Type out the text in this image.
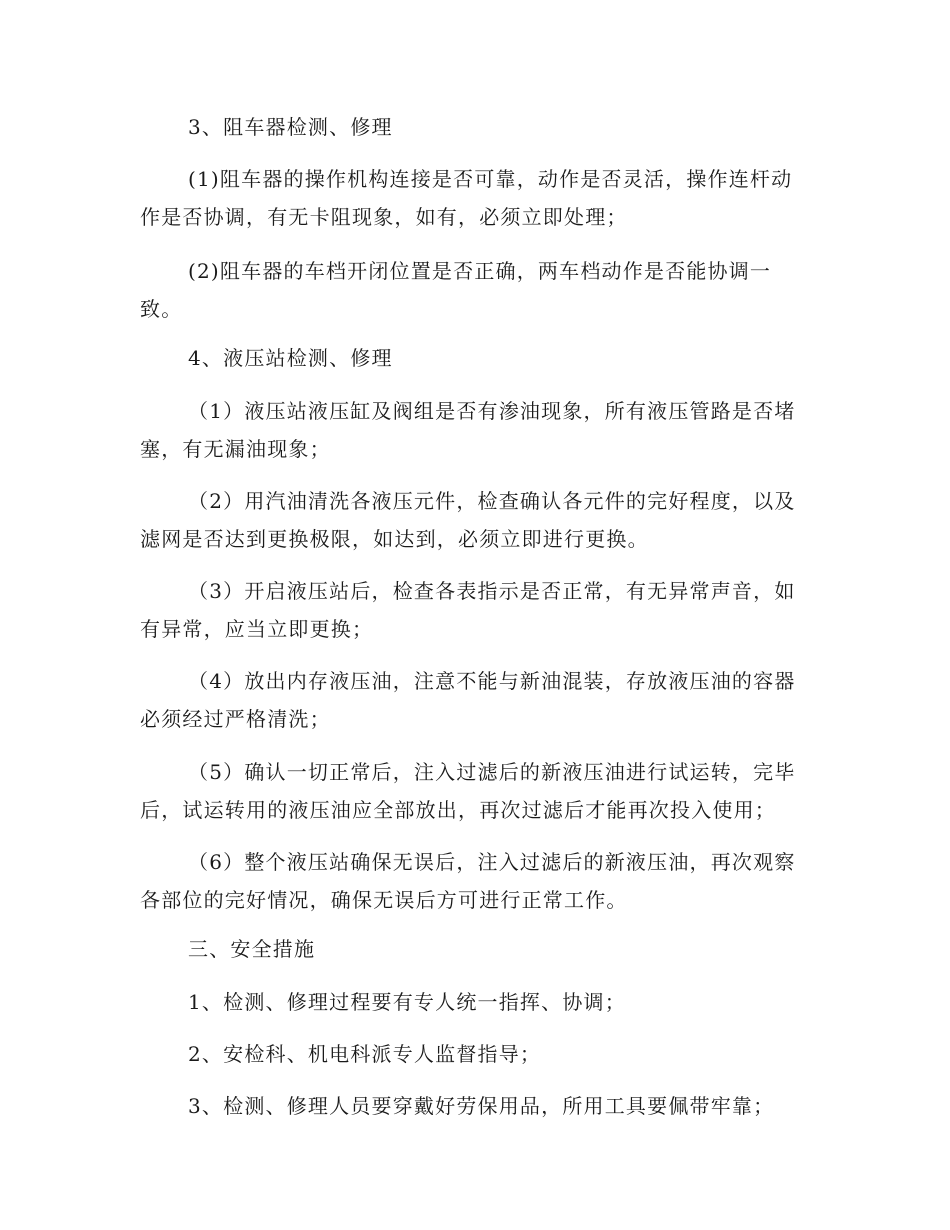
3、阻车器检测、修理

(1)阻车器的操作机构连接是否可靠，动作是否灵活，操作连杆动作是否协调，有无卡阻现象，如有，必须立即处理；

(2)阻车器的车档开闭位置是否正确，两车档动作是否能协调一致。

4、液压站检测、修理

（1）液压站液压缸及阀组是否有渗油现象，所有液压管路是否堵塞，有无漏油现象；

（2）用汽油清洗各液压元件，检查确认各元件的完好程度，以及滤网是否达到更换极限，如达到，必须立即进行更换。

（3）开启液压站后，检查各表指示是否正常，有无异常声音，如有异常，应当立即更换；

（4）放出内存液压油，注意不能与新油混装，存放液压油的容器必须经过严格清洗；

（5）确认一切正常后，注入过滤后的新液压油进行试运转，完毕后，试运转用的液压油应全部放出，再次过滤后才能再次投入使用；

（6）整个液压站确保无误后，注入过滤后的新液压油，再次观察各部位的完好情况，确保无误后方可进行正常工作。

三、安全措施

1、检测、修理过程要有专人统一指挥、协调；

2、安检科、机电科派专人监督指导；

3、检测、修理人员要穿戴好劳保用品，所用工具要佩带牢靠；
